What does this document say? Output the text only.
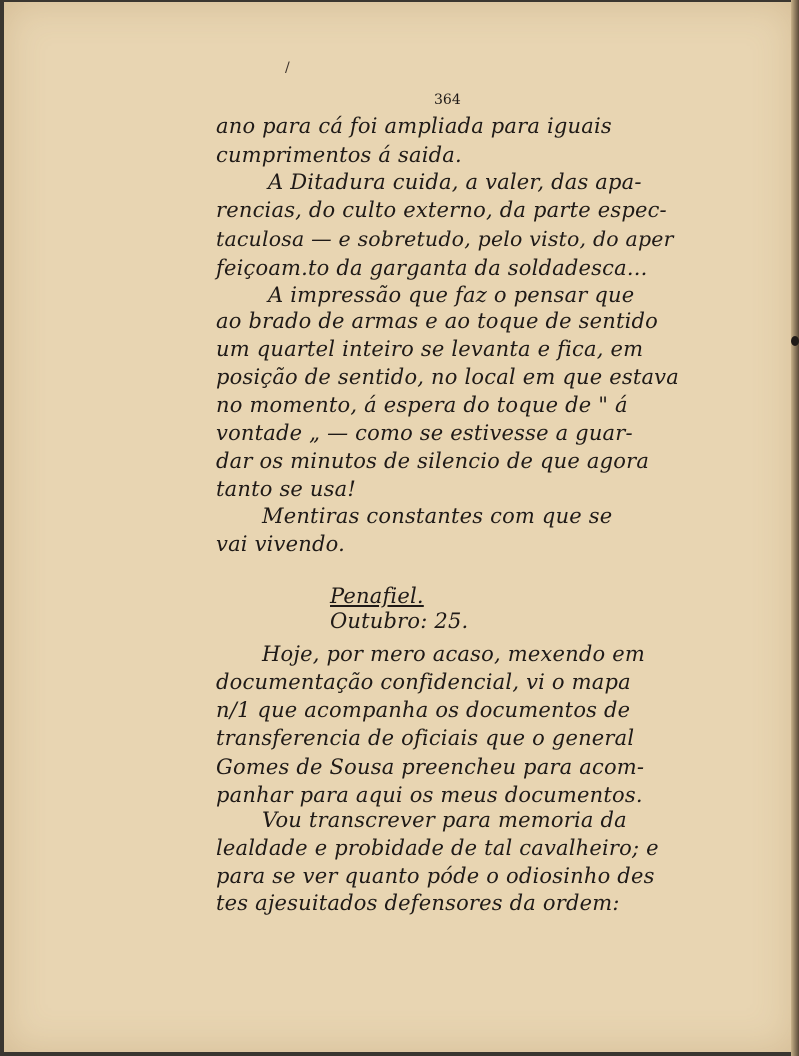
/
364
ano para cá foi ampliada para iguais
cumprimentos á saida.
A Ditadura cuida, a valer, das apa-
rencias, do culto externo, da parte espec-
taculosa — e sobretudo, pelo visto, do aper
feiçoam.to da garganta da soldadesca...
A impressão que faz o pensar que
ao brado de armas e ao toque de sentido
um quartel inteiro se levanta e fica, em
posição de sentido, no local em que estava
no momento, á espera do toque de " á
vontade „ — como se estivesse a guar-
dar os minutos de silencio de que agora
tanto se usa!
Mentiras constantes com que se
vai vivendo.
Penafiel.
Outubro: 25.
Hoje, por mero acaso, mexendo em
documentação confidencial, vi o mapa
n/1 que acompanha os documentos de
transferencia de oficiais que o general
Gomes de Sousa preencheu para acom-
panhar para aqui os meus documentos.
Vou transcrever para memoria da
lealdade e probidade de tal cavalheiro; e
para se ver quanto póde o odiosinho des
tes ajesuitados defensores da ordem:
